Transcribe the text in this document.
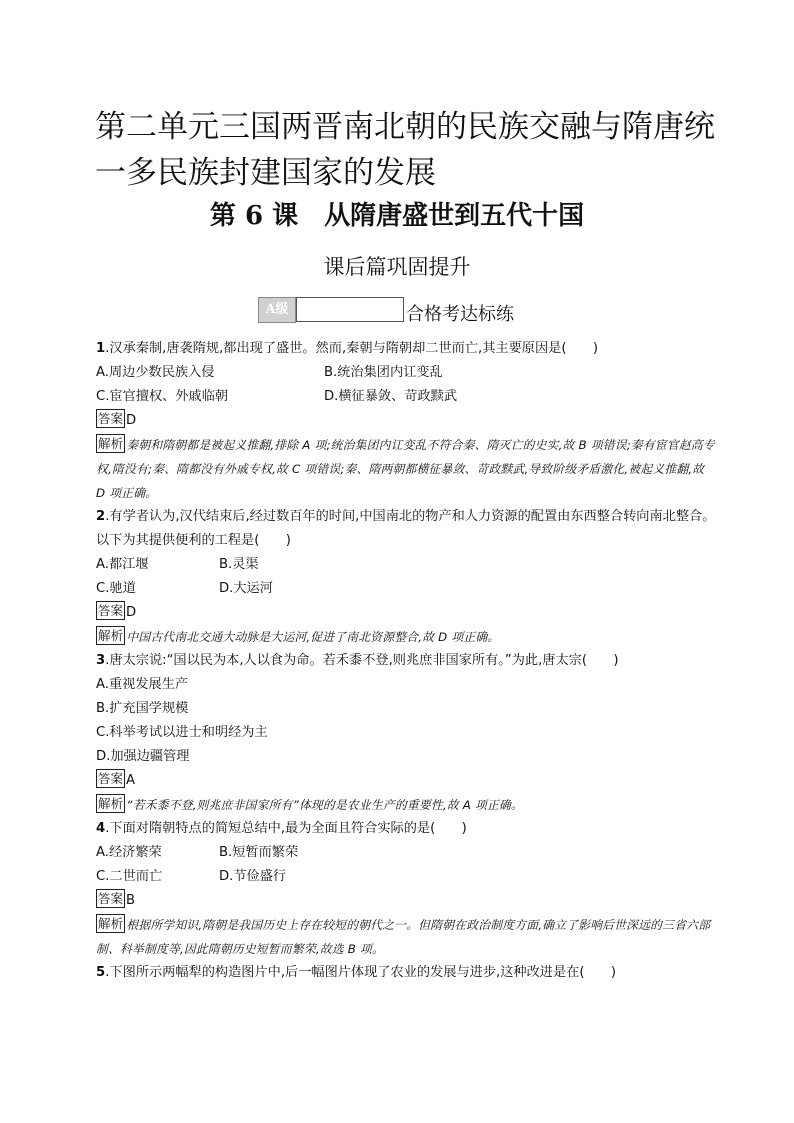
第二单元三国两晋南北朝的民族交融与隋唐统一多民族封建国家的发展
第 6 课　从隋唐盛世到五代十国
课后篇巩固提升
A级	合格考达标练

1.汉承秦制,唐袭隋规,都出现了盛世。然而,秦朝与隋朝却二世而亡,其主要原因是(　　)

A.周边少数民族入侵	B.统治集团内讧变乱
C.宦官擅权、外戚临朝	D.横征暴敛、苛政黩武
答案 D

解析 秦朝和隋朝都是被起义推翻,排除 A 项;统治集团内讧变乱不符合秦、隋灭亡的史实,故 B 项错误;秦有宦官赵高专权,隋没有;秦、隋都没有外戚专权,故 C 项错误;秦、隋两朝都横征暴敛、苛政黩武,导致阶级矛盾激化,被起义推翻,故 D 项正确。

2.有学者认为,汉代结束后,经过数百年的时间,中国南北的物产和人力资源的配置由东西整合转向南北整合。以下为其提供便利的工程是(　　)

A.都江堰	B.灵渠
C.驰道	D.大运河
答案 D

解析 中国古代南北交通大动脉是大运河,促进了南北资源整合,故 D 项正确。

3.唐太宗说:“国以民为本,人以食为命。若禾黍不登,则兆庶非国家所有。”为此,唐太宗(　　)

A.重视发展生产
B.扩充国学规模
C.科举考试以进士和明经为主
D.加强边疆管理
答案 A

解析 “若禾黍不登,则兆庶非国家所有”体现的是农业生产的重要性,故 A 项正确。

4.下面对隋朝特点的简短总结中,最为全面且符合实际的是(　　)

A.经济繁荣	B.短暂而繁荣
C.二世而亡	D.节俭盛行
答案 B

解析 根据所学知识,隋朝是我国历史上存在较短的朝代之一。但隋朝在政治制度方面,确立了影响后世深远的三省六部制、科举制度等,因此隋朝历史短暂而繁荣,故选 B 项。

5.下图所示两幅犁的构造图片中,后一幅图片体现了农业的发展与进步,这种改进是在(　　)
